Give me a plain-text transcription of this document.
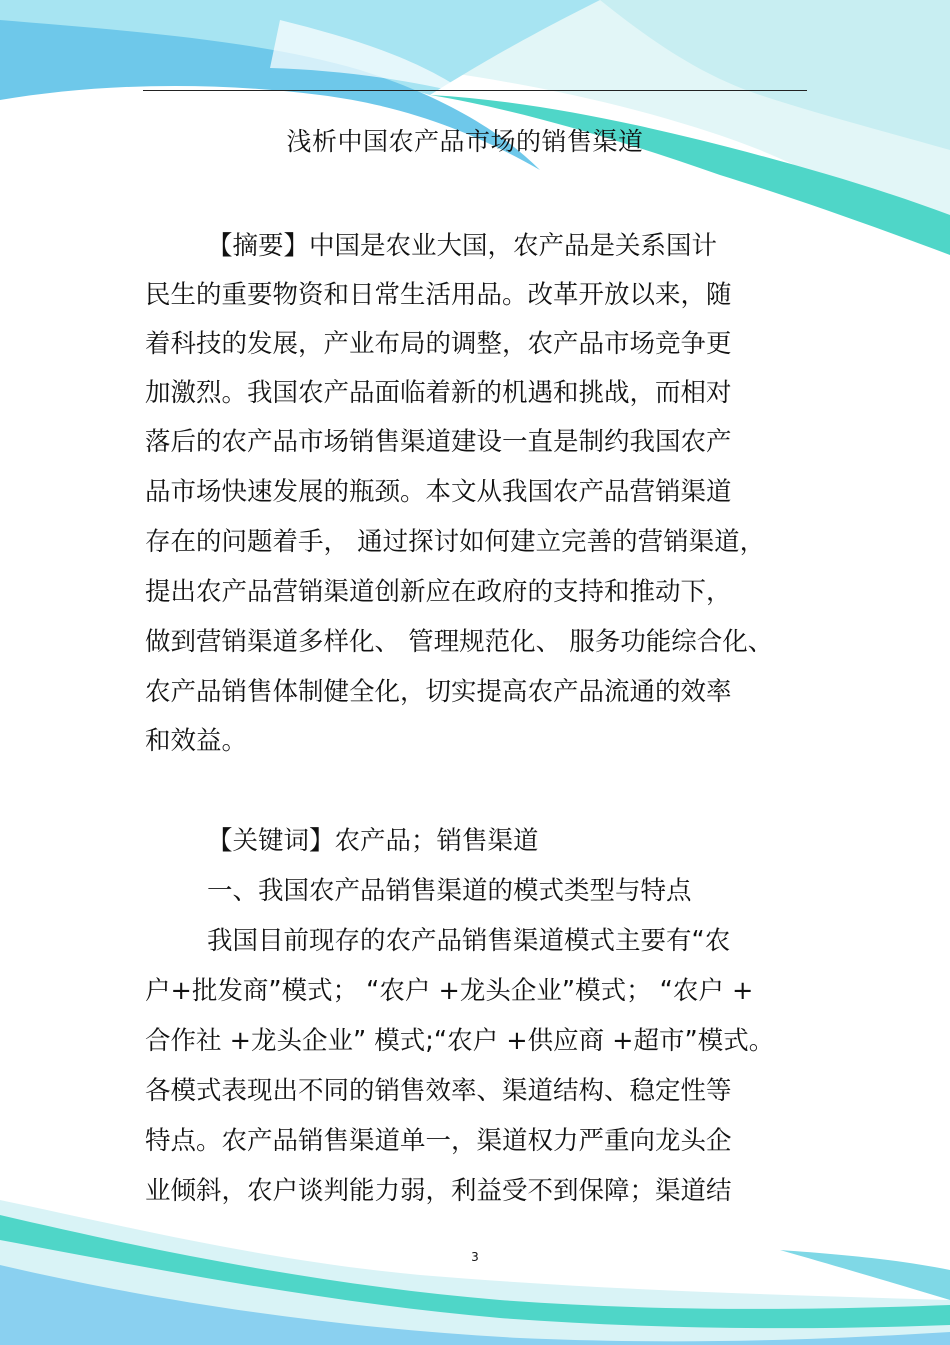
浅析中国农产品市场的销售渠道
【摘要】中国是农业大国，农产品是关系国计
民生的重要物资和日常生活用品。改革开放以来，随
着科技的发展，产业布局的调整，农产品市场竞争更
加激烈。我国农产品面临着新的机遇和挑战，而相对
落后的农产品市场销售渠道建设一直是制约我国农产
品市场快速发展的瓶颈。本文从我国农产品营销渠道
存在的问题着手， 通过探讨如何建立完善的营销渠道，
提出农产品营销渠道创新应在政府的支持和推动下，
做到营销渠道多样化、 管理规范化、 服务功能综合化、
农产品销售体制健全化，切实提高农产品流通的效率
和效益。
【关键词】农产品；销售渠道
一、我国农产品销售渠道的模式类型与特点
我国目前现存的农产品销售渠道模式主要有“农
户+批发商”模式； “农户 +龙头企业”模式； “农户 +
合作社 +龙头企业” 模式;“农户 +供应商 +超市”模式。
各模式表现出不同的销售效率、渠道结构、稳定性等
特点。农产品销售渠道单一，渠道权力严重向龙头企
业倾斜，农户谈判能力弱，利益受不到保障；渠道结
3
